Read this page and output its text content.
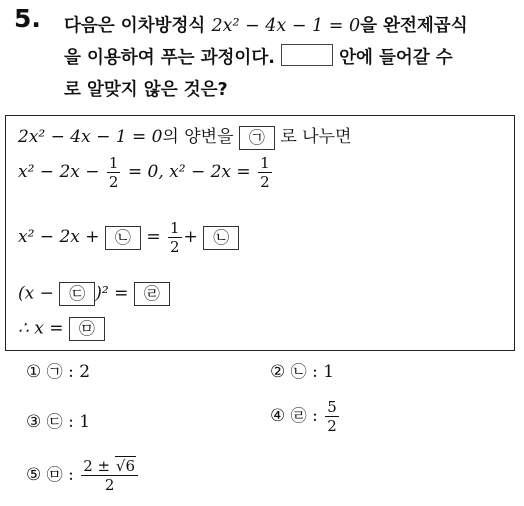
5. 다음은 이차방정식 2x² − 4x − 1 = 0을 완전제곱식
을 이용하여 푸는 과정이다.	안에 들어갈 수
로 알맞지 않은 것은?
2x² − 4x − 1 = 0의 양변을 ㉠ 로 나누면
$x^2 - 2x - \frac{1}{2} = 0$, $x^2 - 2x = \frac{1}{2}$
x² − 2x + ㉡ = $\frac{1}{2}$ + ㉡
(x − ㉢ )² = ㉣
∴ x = ㉤
① ㉠ : 2	② ㉡ : 1
③ ㉢ : 1	④ ㉣ : $\frac{5}{2}$
⑤ ㉤ : $\frac{2 \pm √6}{2}$
